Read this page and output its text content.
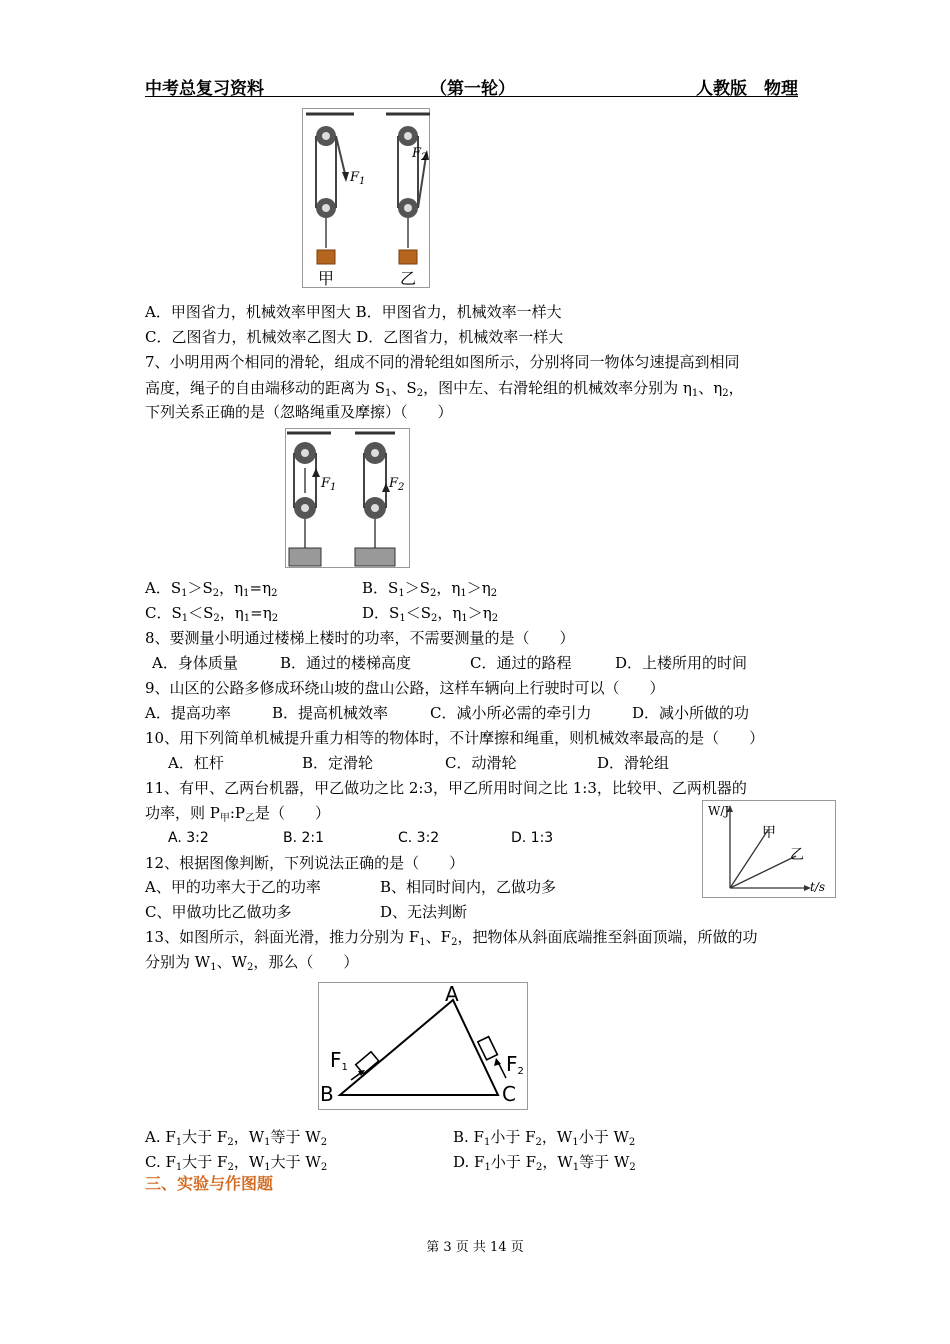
中考总复习资料	（第一轮）	人教版　物理
$F_1$
$F_2$
甲	乙
A．甲图省力，机械效率甲图大 B．甲图省力，机械效率一样大
C．乙图省力，机械效率乙图大 D．乙图省力，机械效率一样大
7、小明用两个相同的滑轮，组成不同的滑轮组如图所示，分别将同一物体匀速提高到相同
高度，绳子的自由端移动的距离为 $S_1$、$S_2$，图中左、右滑轮组的机械效率分别为 $\eta_1$、$\eta_2$，
下列关系正确的是（忽略绳重及摩擦）（　　）
$F_1$	$F_2$
A．$S_1>S_2$，$\eta_1=\eta_2$	B．$S_1>S_2$，$\eta_1>\eta_2$
C．$S_1<S_2$，$\eta_1=\eta_2$	D．$S_1<S_2$，$\eta_1>\eta_2$
8、要测量小明通过楼梯上楼时的功率，不需要测量的是（　　）
A．身体质量	B．通过的楼梯高度	C．通过的路程	D．上楼所用的时间
9、山区的公路多修成环绕山坡的盘山公路，这样车辆向上行驶时可以（　　）
A．提高功率	B．提高机械效率	C．减小所必需的牵引力	D．减小所做的功
10、用下列简单机械提升重力相等的物体时，不计摩擦和绳重，则机械效率最高的是（　　）
A．杠杆	B．定滑轮	C．动滑轮	D．滑轮组
11、有甲、乙两台机器，甲乙做功之比 2:3，甲乙所用时间之比 1:3，比较甲、乙两机器的
功率，则 $P_甲:P_乙$是（　　）
A. 3:2	B. 2:1	C. 3:2	D. 1:3
W/J
t/s
甲
乙
12、根据图像判断，下列说法正确的是（　　）
A、甲的功率大于乙的功率	B、相同时间内，乙做功多
C、甲做功比乙做功多	D、无法判断
13、如图所示，斜面光滑，推力分别为 $F_1$、$F_2$，把物体从斜面底端推至斜面顶端，所做的功
分别为 $W_1$、$W_2$，那么（　　）
A
B	C
$F_1$	$F_2$
A. $F_1$大于 $F_2$，$W_1$等于 $W_2$	B. $F_1$小于 $F_2$，$W_1$小于 $W_2$
C. $F_1$大于 $F_2$，$W_1$大于 $W_2$	D. $F_1$小于 $F_2$，$W_1$等于 $W_2$
三、实验与作图题
第 3 页 共 14 页
